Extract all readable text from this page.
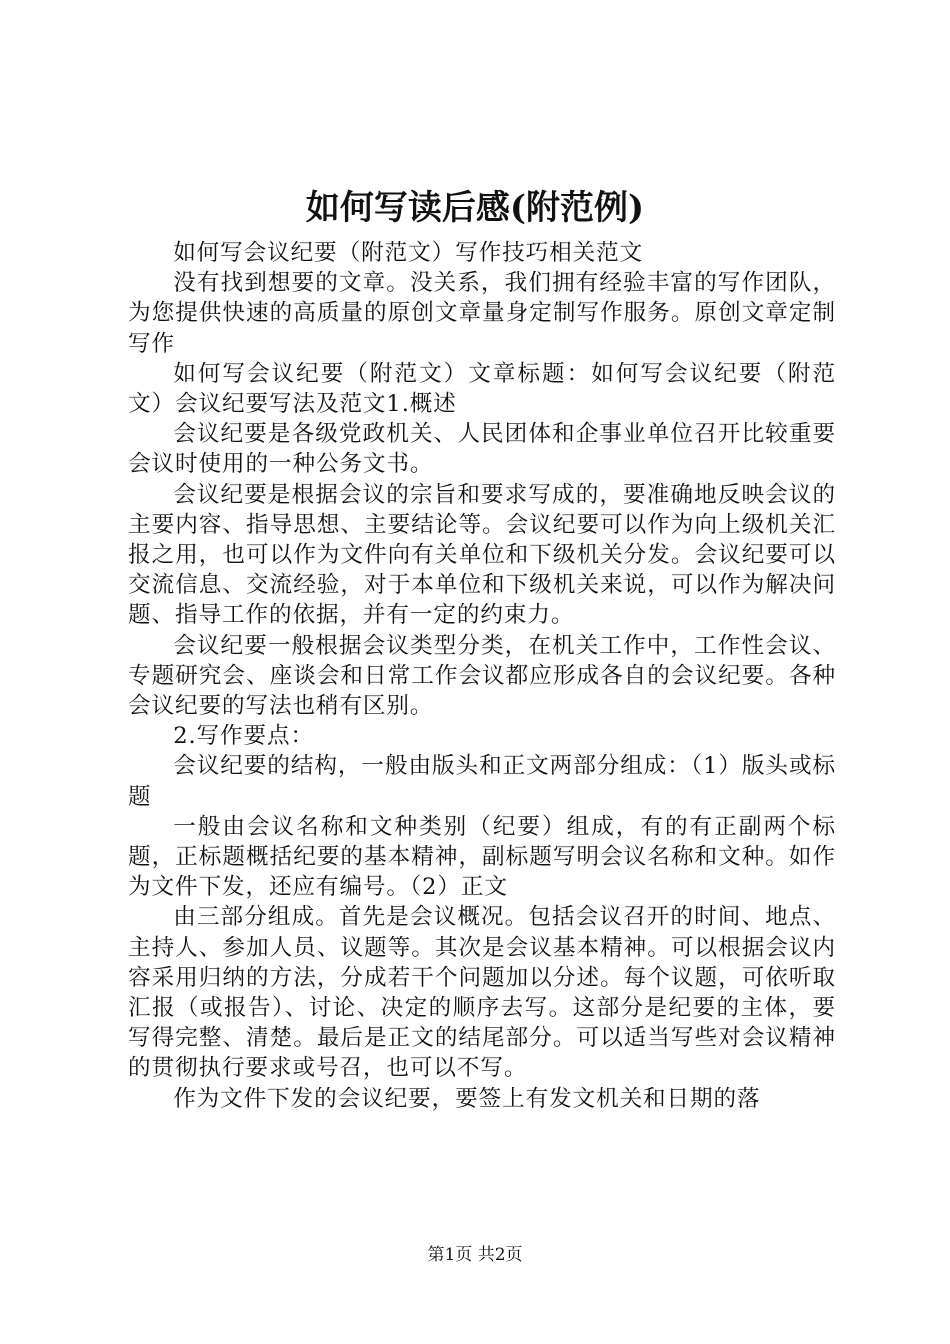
如何写读后感(附范例)

如何写会议纪要（附范文）写作技巧相关范文

没有找到想要的文章。没关系，我们拥有经验丰富的写作团队，为您提供快速的高质量的原创文章量身定制写作服务。原创文章定制写作

如何写会议纪要（附范文）文章标题：如何写会议纪要（附范文）会议纪要写法及范文1.概述

会议纪要是各级党政机关、人民团体和企事业单位召开比较重要会议时使用的一种公务文书。

会议纪要是根据会议的宗旨和要求写成的，要准确地反映会议的主要内容、指导思想、主要结论等。会议纪要可以作为向上级机关汇报之用，也可以作为文件向有关单位和下级机关分发。会议纪要可以交流信息、交流经验，对于本单位和下级机关来说，可以作为解决问题、指导工作的依据，并有一定的约束力。

会议纪要一般根据会议类型分类，在机关工作中，工作性会议、专题研究会、座谈会和日常工作会议都应形成各自的会议纪要。各种会议纪要的写法也稍有区别。

2.写作要点：

会议纪要的结构，一般由版头和正文两部分组成：（1）版头或标题

一般由会议名称和文种类别（纪要）组成，有的有正副两个标题，正标题概括纪要的基本精神，副标题写明会议名称和文种。如作为文件下发，还应有编号。（2）正文

由三部分组成。首先是会议概况。包括会议召开的时间、地点、主持人、参加人员、议题等。其次是会议基本精神。可以根据会议内容采用归纳的方法，分成若干个问题加以分述。每个议题，可依听取汇报（或报告）、讨论、决定的顺序去写。这部分是纪要的主体，要写得完整、清楚。最后是正文的结尾部分。可以适当写些对会议精神的贯彻执行要求或号召，也可以不写。

作为文件下发的会议纪要，要签上有发文机关和日期的落

第1页 共2页
